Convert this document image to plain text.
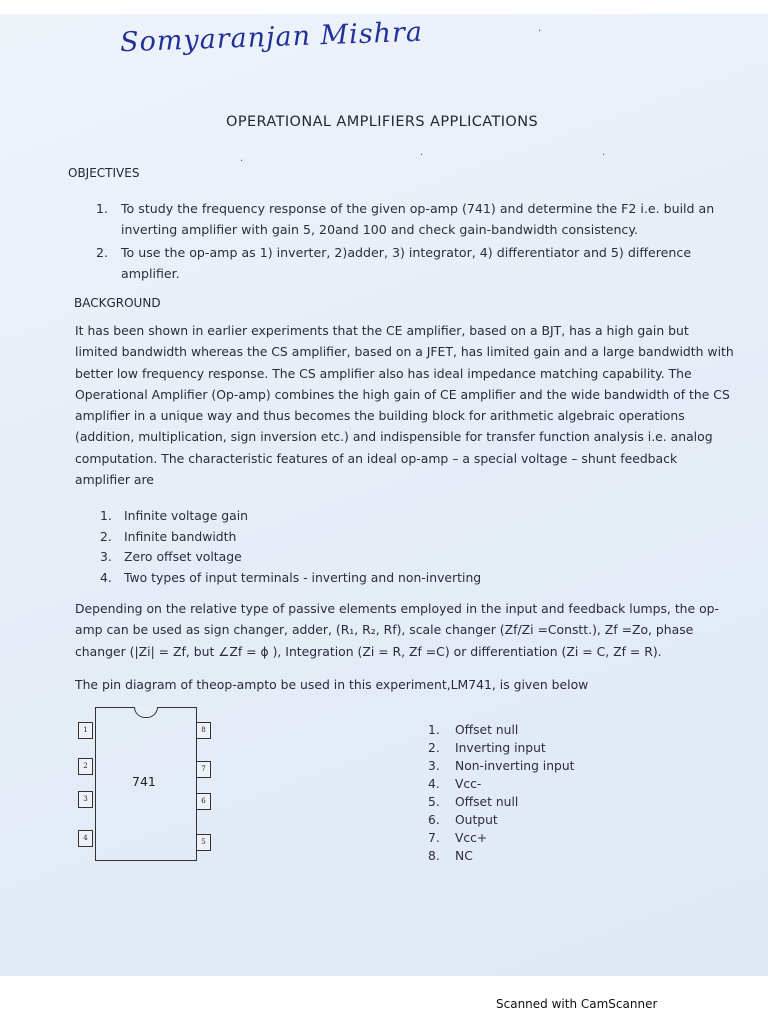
Somyaranjan Mishra

OPERATIONAL AMPLIFIERS APPLICATIONS
OBJECTIVES
1. To study the frequency response of the given op-amp (741) and determine the F2 i.e. build an inverting amplifier with gain 5, 20and 100 and check gain-bandwidth consistency.
2. To use the op-amp as 1) inverter, 2)adder, 3) integrator, 4) differentiator and 5) difference amplifier.
BACKGROUND

It has been shown in earlier experiments that the CE amplifier, based on a BJT, has a high gain but limited bandwidth whereas the CS amplifier, based on a JFET, has limited gain and a large bandwidth with better low frequency response. The CS amplifier also has ideal impedance matching capability. The Operational Amplifier (Op-amp) combines the high gain of CE amplifier and the wide bandwidth of the CS amplifier in a unique way and thus becomes the building block for arithmetic algebraic operations (addition, multiplication, sign inversion etc.) and indispensible for transfer function analysis i.e. analog computation. The characteristic features of an ideal op-amp – a special voltage – shunt feedback amplifier are

1. Infinite voltage gain
2. Infinite bandwidth
3. Zero offset voltage
4. Two types of input terminals - inverting and non-inverting

Depending on the relative type of passive elements employed in the input and feedback lumps, the op-amp can be used as sign changer, adder, (R₁, R₂, Rf), scale changer (Zf/Zi =Constt.), Zf =Zo, phase changer (|Zi| = Zf, but ∠Zf = ϕ ), Integration (Zi = R, Zf =C) or differentiation (Zi = C, Zf = R).

The pin diagram of theop-ampto be used in this experiment,LM741, is given below

741
1
2
3
4	5
6
7
8	1. Offset null
2. Inverting input
3. Non-inverting input
4. Vcc-
5. Offset null
6. Output
7. Vcc+
8. NC
·
·
·	·

Scanned with CamScanner
